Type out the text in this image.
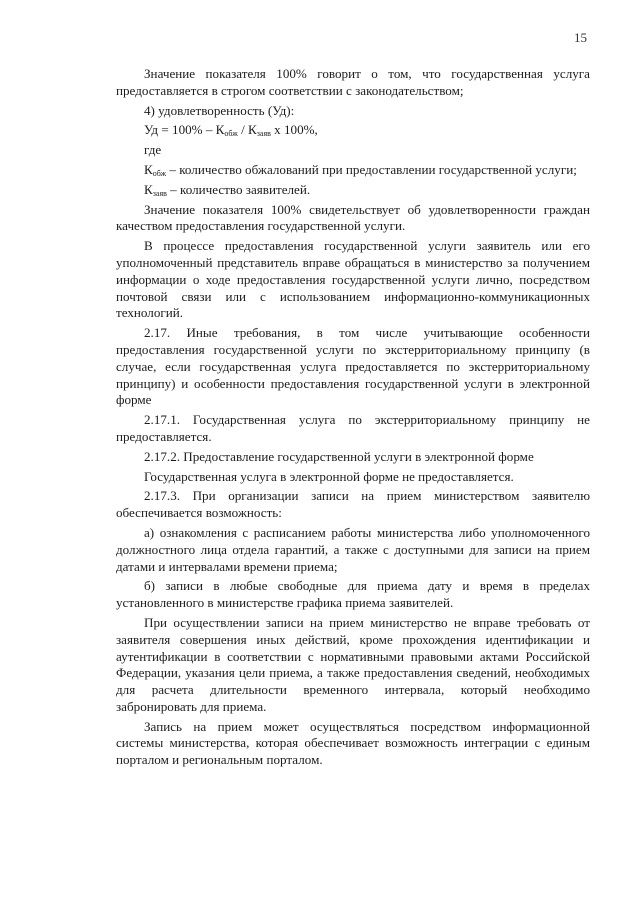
15

Значение показателя 100% говорит о том, что государственная услуга предоставляется в строгом соответствии с законодательством;

4) удовлетворенность (Уд):

Уд = $100\% - К_{обж} / К_{заяв}$ х 100%,

где

$К_{обж}$ – количество обжалований при предоставлении государственной услуги;

$К_{заяв}$ – количество заявителей.

Значение показателя 100% свидетельствует об удовлетворенности граждан качеством предоставления государственной услуги.

В процессе предоставления государственной услуги заявитель или его уполномоченный представитель вправе обращаться в министерство за получением информации о ходе предоставления государственной услуги лично, посредством почтовой связи или с использованием информационно-коммуникационных технологий.

2.17. Иные требования, в том числе учитывающие особенности предоставления государственной услуги по экстерриториальному принципу (в случае, если государственная услуга предоставляется по экстерриториальному принципу) и особенности предоставления государственной услуги в электронной форме

2.17.1. Государственная услуга по экстерриториальному принципу не предоставляется.

2.17.2. Предоставление государственной услуги в электронной форме

Государственная услуга в электронной форме не предоставляется.

2.17.3. При организации записи на прием министерством заявителю обеспечивается возможность:

а) ознакомления с расписанием работы министерства либо уполномоченного должностного лица отдела гарантий, а также с доступными для записи на прием датами и интервалами времени приема;

б) записи в любые свободные для приема дату и время в пределах установленного в министерстве графика приема заявителей.

При осуществлении записи на прием министерство не вправе требовать от заявителя совершения иных действий, кроме прохождения идентификации и аутентификации в соответствии с нормативными правовыми актами Российской Федерации, указания цели приема, а также предоставления сведений, необходимых для расчета длительности временного интервала, который необходимо забронировать для приема.

Запись на прием может осуществляться посредством информационной системы министерства, которая обеспечивает возможность интеграции с единым порталом и региональным порталом.
